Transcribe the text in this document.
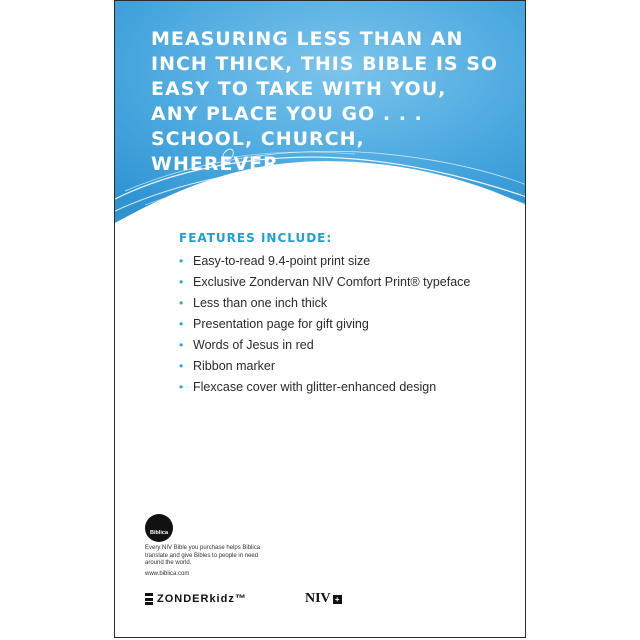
MEASURING LESS THAN AN INCH THICK, THIS BIBLE IS SO EASY TO TAKE WITH YOU, ANY PLACE YOU GO . . . SCHOOL, CHURCH, WHEREVER.

FEATURES INCLUDE:
• Easy-to-read 9.4-point print size
• Exclusive Zondervan NIV Comfort Print® typeface
• Less than one inch thick
• Presentation page for gift giving
• Words of Jesus in red
• Ribbon marker
• Flexcase cover with glitter-enhanced design
Biblica

Every NIV Bible you purchase helps Biblica translate and give Bibles to people in need around the world.

www.biblica.com

ZONDERkidz™	NIV +
